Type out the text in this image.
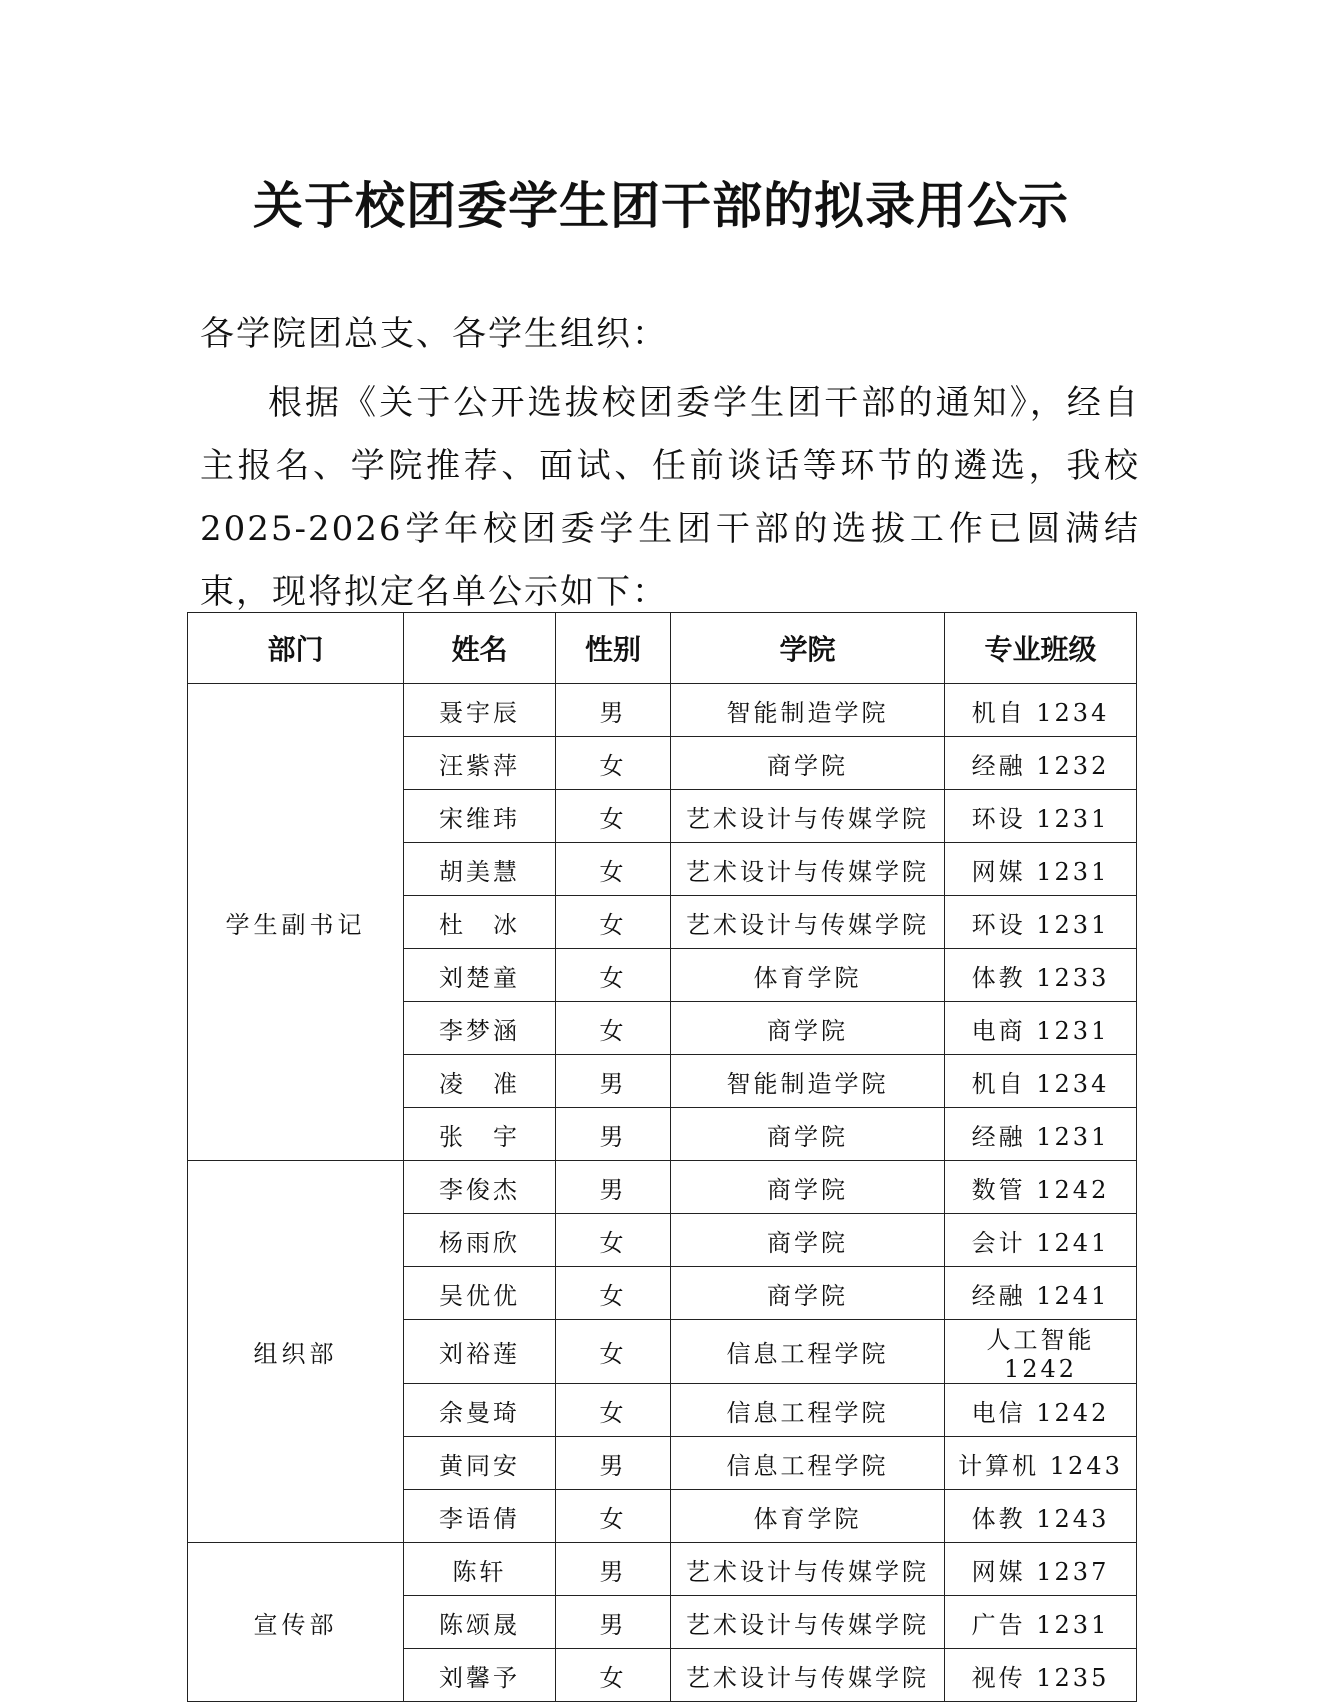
关于校团委学生团干部的拟录用公示

各学院团总支、各学生组织：

根据《关于公开选拔校团委学生团干部的通知》，经自主报名、学院推荐、面试、任前谈话等环节的遴选，我校2025-2026学年校团委学生团干部的选拔工作已圆满结束，现将拟定名单公示如下：

部门	姓名	性别	学院	专业班级
学生副书记	聂宇辰	男	智能制造学院	机自 1234
	汪紫萍	女	商学院	经融 1232
	宋维玮	女	艺术设计与传媒学院	环设 1231
	胡美慧	女	艺术设计与传媒学院	网媒 1231
	杜　冰	女	艺术设计与传媒学院	环设 1231
	刘楚童	女	体育学院	体教 1233
	李梦涵	女	商学院	电商 1231
	凌　准	男	智能制造学院	机自 1234
	张　宇	男	商学院	经融 1231
组织部	李俊杰	男	商学院	数管 1242
	杨雨欣	女	商学院	会计 1241
	吴优优	女	商学院	经融 1241
	刘裕莲	女	信息工程学院	人工智能 1242
	余曼琦	女	信息工程学院	电信 1242
	黄同安	男	信息工程学院	计算机 1243
	李语倩	女	体育学院	体教 1243
宣传部	陈轩	男	艺术设计与传媒学院	网媒 1237
	陈颂晟	男	艺术设计与传媒学院	广告 1231
	刘馨予	女	艺术设计与传媒学院	视传 1235
